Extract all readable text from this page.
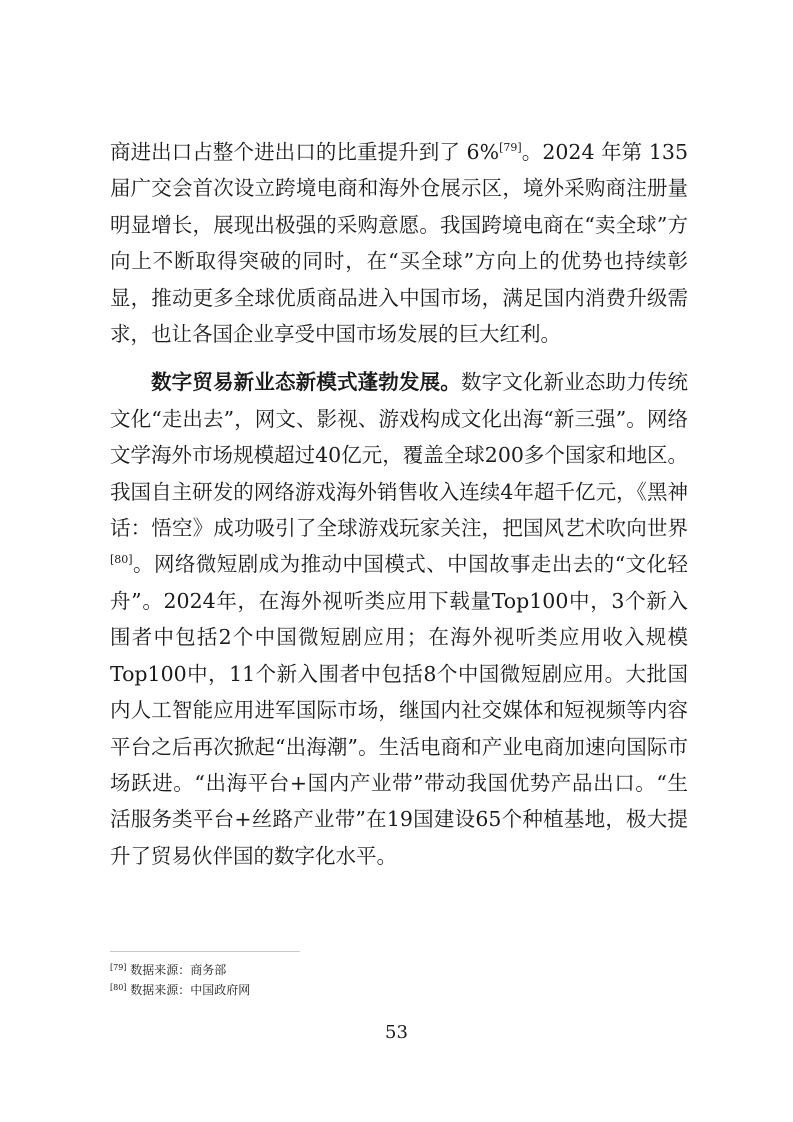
商进出口占整个进出口的比重提升到了 6%[79]。2024 年第 135 届广交会首次设立跨境电商和海外仓展示区，境外采购商注册量明显增长，展现出极强的采购意愿。我国跨境电商在“卖全球”方向上不断取得突破的同时，在“买全球”方向上的优势也持续彰显，推动更多全球优质商品进入中国市场，满足国内消费升级需求，也让各国企业享受中国市场发展的巨大红利。

数字贸易新业态新模式蓬勃发展。数字文化新业态助力传统文化“走出去”，网文、影视、游戏构成文化出海“新三强”。网络文学海外市场规模超过40亿元，覆盖全球200多个国家和地区。我国自主研发的网络游戏海外销售收入连续4年超千亿元，《黑神话：悟空》成功吸引了全球游戏玩家关注，把国风艺术吹向世界[80]。网络微短剧成为推动中国模式、中国故事走出去的“文化轻舟”。2024年，在海外视听类应用下载量Top100中，3个新入围者中包括2个中国微短剧应用；在海外视听类应用收入规模Top100中，11个新入围者中包括8个中国微短剧应用。大批国内人工智能应用进军国际市场，继国内社交媒体和短视频等内容平台之后再次掀起“出海潮”。生活电商和产业电商加速向国际市场跃进。“出海平台+国内产业带”带动我国优势产品出口。“生活服务类平台+丝路产业带”在19国建设65个种植基地，极大提升了贸易伙伴国的数字化水平。

[79] 数据来源：商务部

[80] 数据来源：中国政府网

53
